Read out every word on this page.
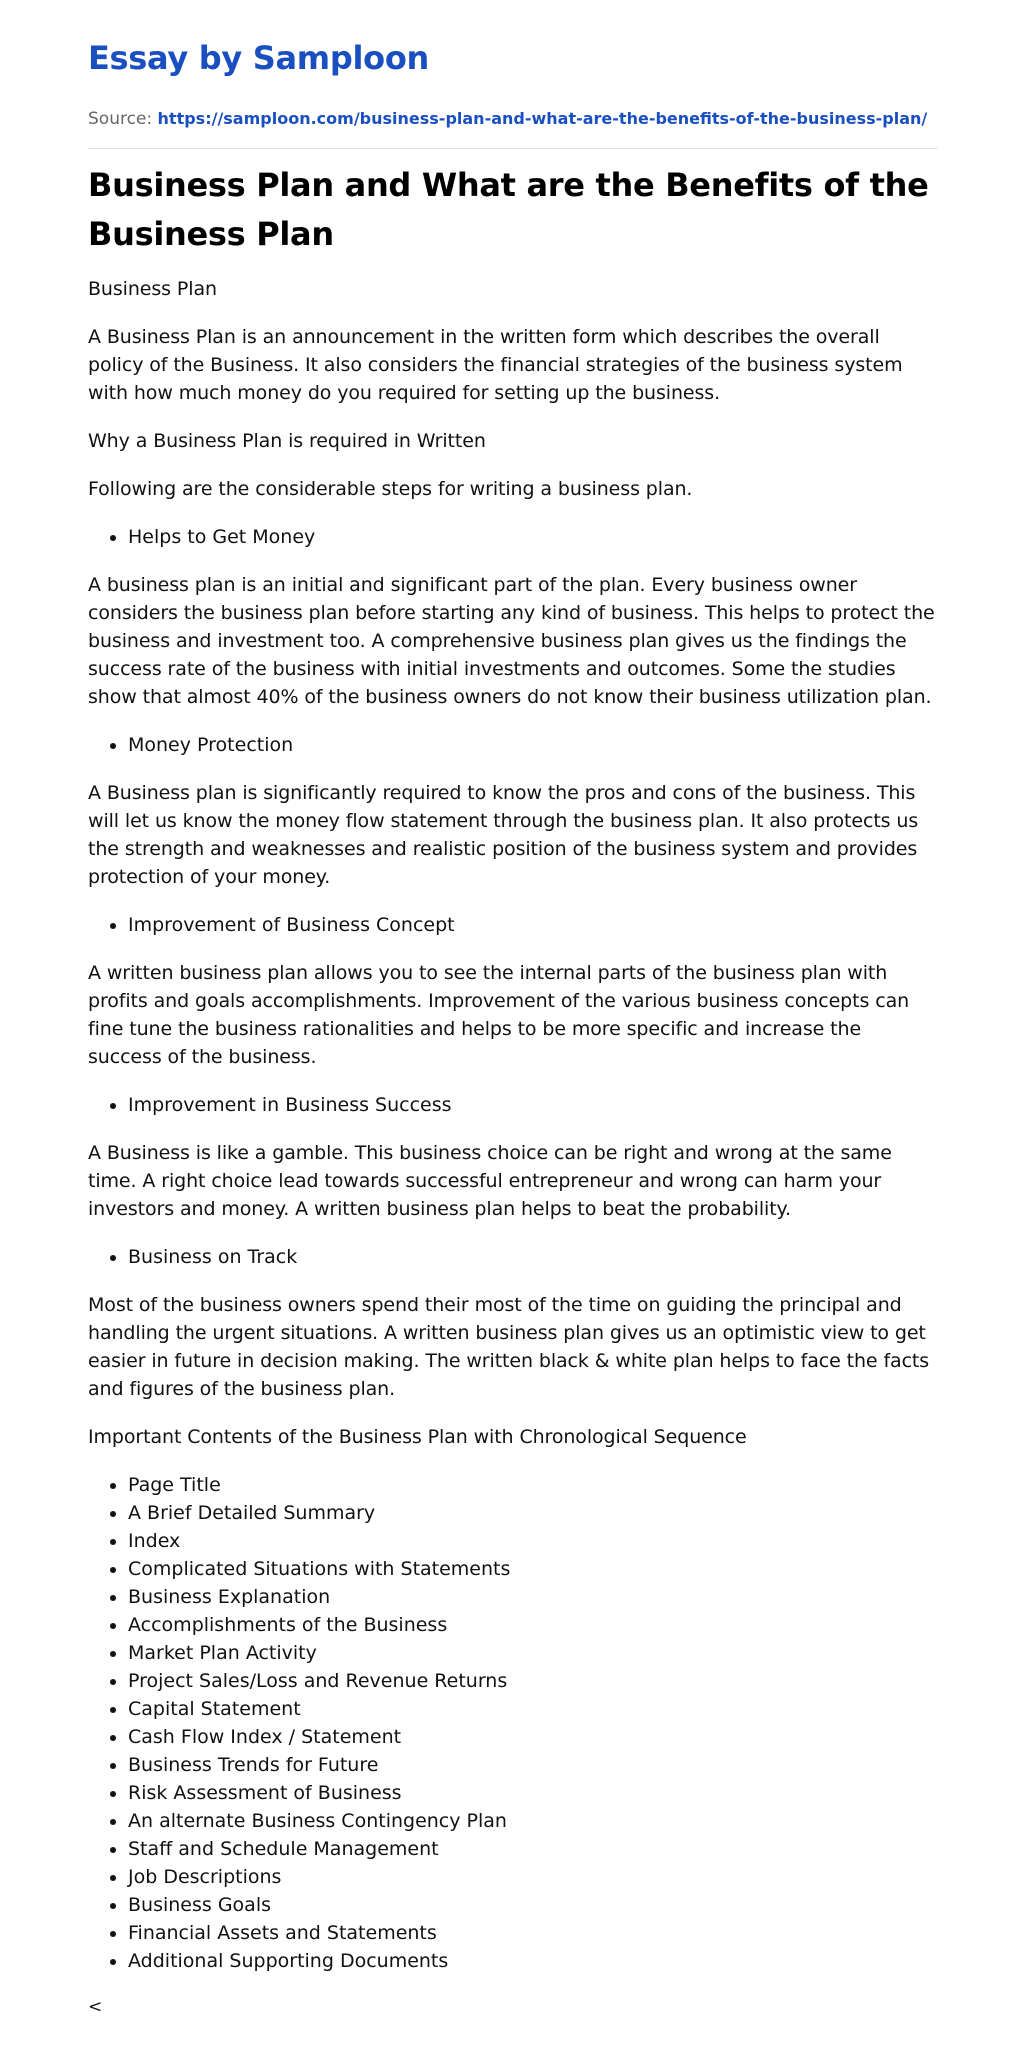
Essay by Samploon

Source: https://samploon.com/business-plan-and-what-are-the-benefits-of-the-business-plan/

Business Plan and What are the Benefits of the Business Plan

Business Plan

A Business Plan is an announcement in the written form which describes the overall policy of the Business. It also considers the financial strategies of the business system with how much money do you required for setting up the business.

Why a Business Plan is required in Written

Following are the considerable steps for writing a business plan.

• Helps to Get Money

A business plan is an initial and significant part of the plan. Every business owner considers the business plan before starting any kind of business. This helps to protect the business and investment too. A comprehensive business plan gives us the findings the success rate of the business with initial investments and outcomes. Some the studies show that almost 40% of the business owners do not know their business utilization plan.

• Money Protection

A Business plan is significantly required to know the pros and cons of the business. This will let us know the money flow statement through the business plan. It also protects us the strength and weaknesses and realistic position of the business system and provides protection of your money.

• Improvement of Business Concept

A written business plan allows you to see the internal parts of the business plan with profits and goals accomplishments. Improvement of the various business concepts can fine tune the business rationalities and helps to be more specific and increase the success of the business.

• Improvement in Business Success

A Business is like a gamble. This business choice can be right and wrong at the same time. A right choice lead towards successful entrepreneur and wrong can harm your investors and money. A written business plan helps to beat the probability.

• Business on Track

Most of the business owners spend their most of the time on guiding the principal and handling the urgent situations. A written business plan gives us an optimistic view to get easier in future in decision making. The written black & white plan helps to face the facts and figures of the business plan.

Important Contents of the Business Plan with Chronological Sequence

• Page Title
• A Brief Detailed Summary
• Index
• Complicated Situations with Statements
• Business Explanation
• Accomplishments of the Business
• Market Plan Activity
• Project Sales/Loss and Revenue Returns
• Capital Statement
• Cash Flow Index / Statement
• Business Trends for Future
• Risk Assessment of Business
• An alternate Business Contingency Plan
• Staff and Schedule Management
• Job Descriptions
• Business Goals
• Financial Assets and Statements
• Additional Supporting Documents
<
